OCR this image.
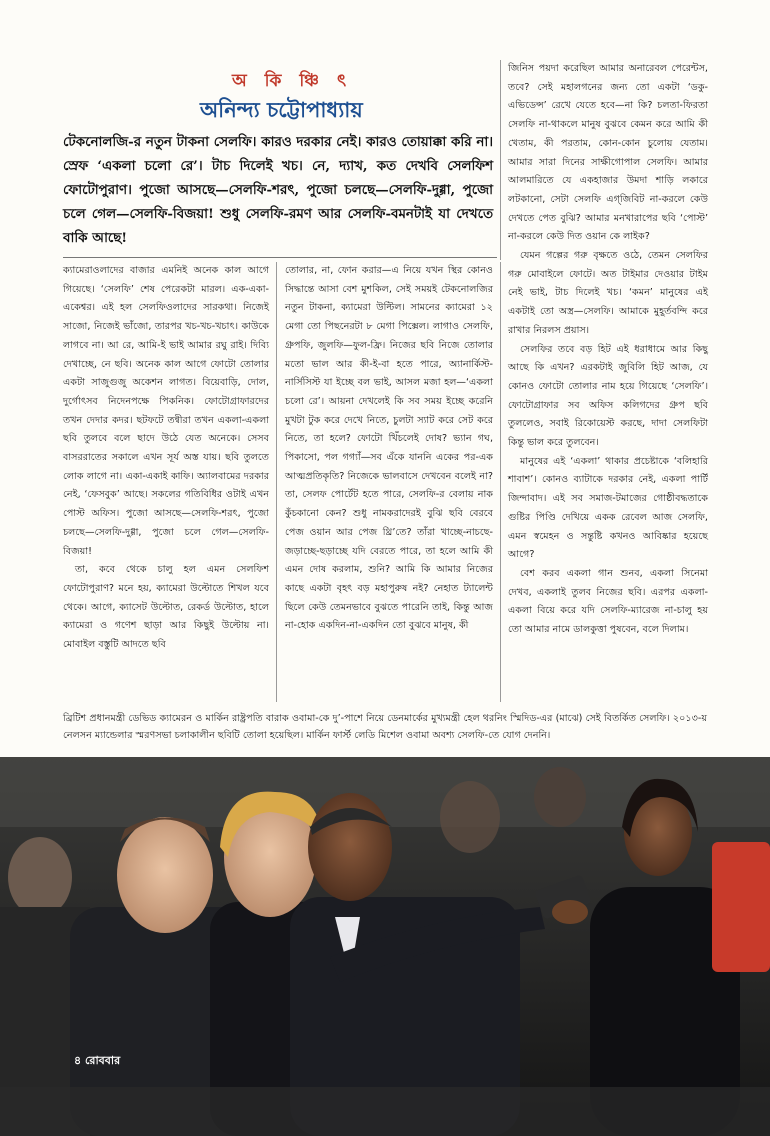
অ কি ঞ্চি ৎ
অনিন্দ্য চট্টোপাধ্যায়
টেকনোলজি-র নতুন টাকনা সেলফি। কারও দরকার নেই। কারও তোয়াক্কা করি না। স্রেফ ‘একলা চলো রে’। টাচ দিলেই খচ। নে, দ্যাখ, কত দেখবি সেলফিশ ফোটোপুরাণ। পুজো আসছে—সেলফি-শরৎ, পুজো চলছে—সেলফি-দুগ্গা, পুজো চলে গেল—সেলফি-বিজয়া! শুধু সেলফি-রমণ আর সেলফি-বমনটাই যা দেখতে বাকি আছে!

ক্যামেরাওলাদের বাজার এমনিই অনেক কাল আগে গিয়েছে। ‘সেলফি’ শেষ পেরেকটা মারল। এক-একা-একেশ্বর। এই হল সেলফিওলাদের সারকথা। নিজেই সাজো, নিজেই ভাঁজো, তারপর খচ-খচ-খচাৎ। কাউকে লাগবে না। আ রে, আমি-ই ভাই আমার রঘু রাই। দিব্যি দেখাচ্ছে, নে ছবি। অনেক কাল আগে ফোটো তোলার একটা সাজুগুজু অকেশন লাগত। বিয়েবাড়ি, দোল, দুর্গোৎসব নিদেনপক্ষে পিকনিক। ফোটোগ্রাফারদের তখন দেদার কদর। ছটফটে তন্বীরা তখন একলা-একলা ছবি তুলবে বলে ছাদে উঠে যেত অনেকে। সেসব বাসররাতের সকালে এখন সূর্য অস্ত যায়। ছবি তুলতে লোক লাগে না। একা-একাই কাফি। অ্যালবামের দরকার নেই, ‘ফেসবুক’ আছে। সকলের গতিবিধির ওটাই এখন পোস্ট অফিস। পুজো আসছে—সেলফি-শরৎ, পুজো চলছে—সেলফি-দুগ্গা, পুজো চলে গেল—সেলফি-বিজয়া!

তা, কবে থেকে চালু হল এমন সেলফিশ ফোটোপুরাণ? মনে হয়, ক্যামেরা উল্টোতে শিখল যবে থেকে। আগে, ক্যাসেট উল্টোত, রেকর্ড উল্টোত, হালে ক্যামেরা ও গণেশ ছাড়া আর কিছুই উল্টোয় না। মোবাইল বস্তুটি আদতে ছবি

তোলার, না, ফোন করার—এ নিয়ে যখন স্থির কোনও সিদ্ধান্তে আসা বেশ মুশকিল, সেই সময়ই টেকনোলজির নতুন টাকনা, ক্যামেরা উল্টিল। সামনের ক্যামেরা ১২ মেগা তো পিছনেরটা ৮ মেগা পিক্সেল। লাগাও সেলফি, গ্রুপফি, জুলফি—ফুল-ফ্রি। নিজের ছবি নিজে তোলার মতো ভাল আর কী-ই-বা হতে পারে, অ্যানার্কিস্ট-নার্সিসিস্ট যা ইচ্ছে বল ভাই, আসল মজা হল—‘একলা চলো রে’। আয়না দেখলেই কি সব সময় ইচ্ছে করেনি মুখটা টুক করে দেখে নিতে, চুলটা স্যাট করে সেট করে নিতে, তা হলে? ফোটো খিঁচলেই দোষ? ভ্যান গঘ, পিকাসো, পল গগ্যাঁ—সব এঁকে যাননি একের পর-এক আত্মপ্রতিকৃতি? নিজেকে ভালবাসে দেখবেন বলেই না? তা, সেলফ পোর্টেট হতে পারে, সেলফি-র বেলায় নাক কুঁচকানো কেন? শুধু নামকরাদেরই বুঝি ছবি বেরবে পেজ ওয়ান আর পেজ থ্রি’তে? তাঁরা খাচ্ছে-নাচছে-জড়াচ্ছে-ছড়াচ্ছে যদি বেরতে পারে, তা হলে আমি কী এমন দোষ করলাম, শুনি? আমি কি আমার নিজের কাছে একটা বৃহৎ বড় মহাপুরুষ নই? নেহাত ট্যালেন্ট ছিলে কেউ তেমনভাবে বুঝতে পারেনি তাই, কিন্তু আজ না-হোক একদিন-না-একদিন তো বুঝবে মানুষ, কী

জিনিস পয়দা করেছিল আমার অনারেবল পেরেন্টস, তবে? সেই মহালগনের জন্য তো একটা ‘ডকু-এভিডেন্স’ রেখে যেতে হবে—না কি? চলতা-ফিরতা সেলফি না-থাকলে মানুষ বুঝবে কেমন করে আমি কী খেতাম, কী পরতাম, কোন-কোন চুলোয় যেতাম। আমার সারা দিনের সাক্ষীগোপাল সেলফি। আমার আলমারিতে যে একহাজার উমদা শাড়ি লকারে লটকানো, সেটা সেলফি এগ্‌জিবিট না-করলে কেউ দেখতে পেত বুঝি? আমার মনখারাপের ছবি ‘পোস্ট’ না-করলে কেউ দিত ওয়ান কে লাইক?

যেমন গল্পের গরু বৃক্ষতে ওঠে, তেমন সেলফির গরু মোবাইলে ফোটে। অত টাইমার দেওয়ার টাইম নেই ভাই, টাচ দিলেই খচ। ‘কমন’ মানুষের এই একটাই তো অস্ত্র—সেলফি। আমাকে মুহূর্তবন্দি করে রাখার নিরলস প্রয়াস।

সেলফির তবে বড় হিট এই ধরাধামে আর কিছু আছে কি এখন? এরকটাই জুবিলি হিট আজ, যে কোনও ফোটো তোলার নাম হয়ে গিয়েছে ‘সেলফি’। ফোটোগ্রাফার সব অফিস কলিগদের গ্রুপ ছবি তুললেও, সবাই রিকোয়েস্ট করছে, দাদা সেলফিটা কিন্তু ভাল করে তুলবেন।

মানুষের এই ‘একলা’ থাকার প্রচেষ্টাকে ‘বলিহারি শাবাশ’। কোনও ব্যাটাকে দরকার নেই, একলা পার্টি জিন্দাবাদ। এই সব সমাজ-টমাজের গোষ্ঠীবদ্ধতাকে গুষ্টির পিণ্ডি দেখিয়ে একক রেবেল আজ সেলফি, এমন স্বমেহন ও সন্তুষ্টি কখনও আবিষ্কার হয়েছে আগে?

বেশ করব একলা গান শুনব, একলা সিনেমা দেখব, একলাই তুলব নিজের ছবি। এরপর একলা-একলা বিয়ে করে যদি সেলফি-ম্যারেজ না-চালু হয় তো আমার নামে ডালকুত্তা পুষবেন, বলে দিলাম।

ব্রিটিশ প্রধানমন্ত্রী ডেভিড ক্যামেরন ও মার্কিন রাষ্ট্রপতি বারাক ওবামা-কে দু’-পাশে নিয়ে ডেনমার্কের মুখ্যমন্ত্রী হেল থরনিং স্মিদিড-এর (মাঝে) সেই বিতর্কিত সেলফি। ২০১৩-য় নেলসন ম্যান্ডেলার স্মরণসভা চলাকালীন ছবিটি তোলা হয়েছিল। মার্কিন ফার্স্ট লেডি মিশেল ওবামা অবশ্য সেলফি-তে যোগ দেননি।
৪ রোববার
